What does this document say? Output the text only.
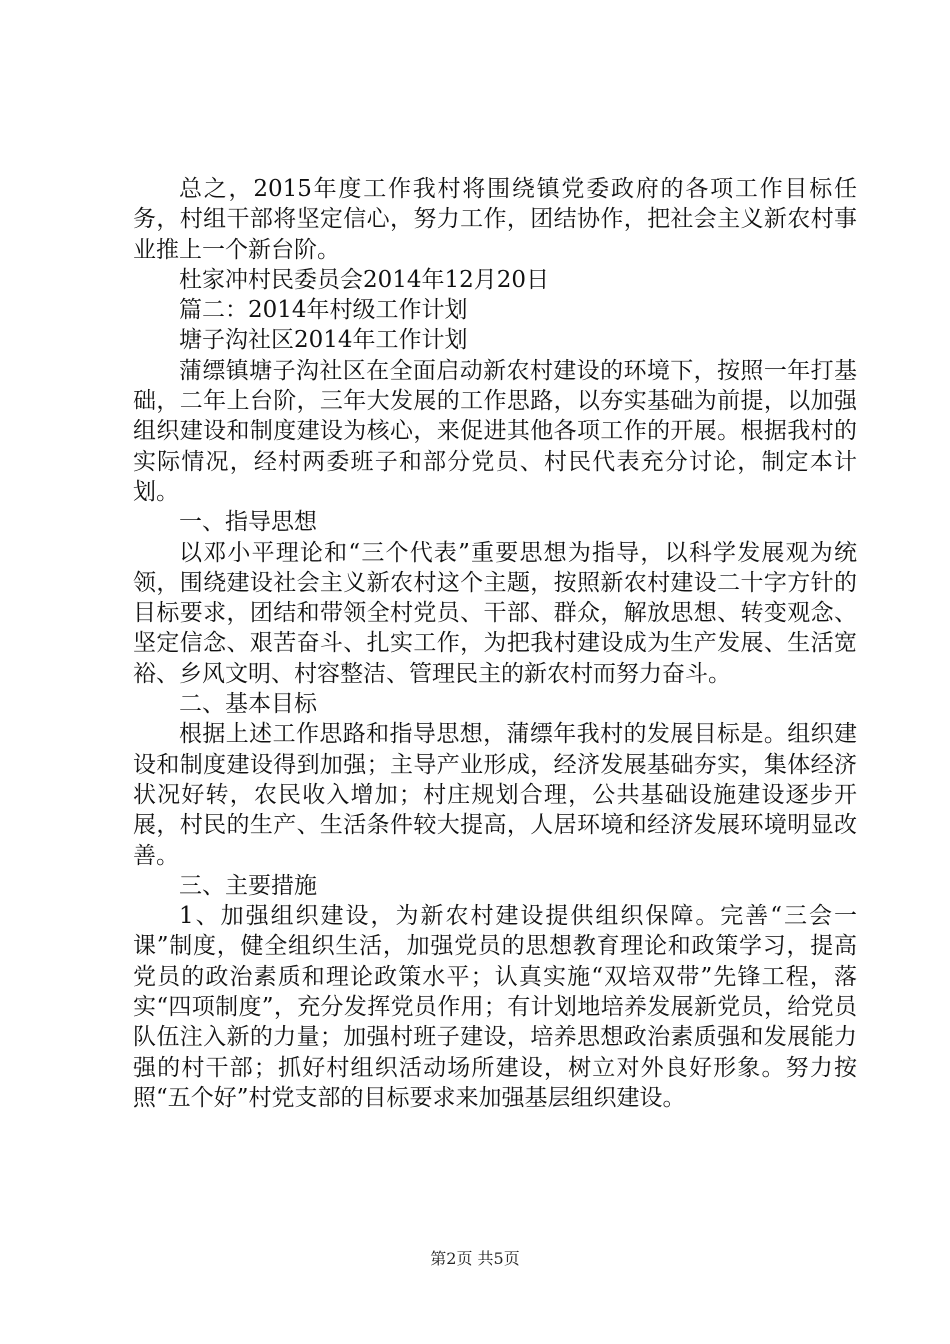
总之，2015年度工作我村将围绕镇党委政府的各项工作目标任务，村组干部将坚定信心，努力工作，团结协作，把社会主义新农村事业推上一个新台阶。

杜家冲村民委员会2014年12月20日

篇二：2014年村级工作计划

塘子沟社区2014年工作计划

蒲缥镇塘子沟社区在全面启动新农村建设的环境下，按照一年打基础，二年上台阶，三年大发展的工作思路，以夯实基础为前提，以加强组织建设和制度建设为核心，来促进其他各项工作的开展。根据我村的实际情况，经村两委班子和部分党员、村民代表充分讨论，制定本计划。

一、指导思想

以邓小平理论和“三个代表”重要思想为指导，以科学发展观为统领，围绕建设社会主义新农村这个主题，按照新农村建设二十字方针的目标要求，团结和带领全村党员、干部、群众，解放思想、转变观念、坚定信念、艰苦奋斗、扎实工作，为把我村建设成为生产发展、生活宽裕、乡风文明、村容整洁、管理民主的新农村而努力奋斗。

二、基本目标

根据上述工作思路和指导思想，蒲缥年我村的发展目标是。组织建设和制度建设得到加强；主导产业形成，经济发展基础夯实，集体经济状况好转，农民收入增加；村庄规划合理，公共基础设施建设逐步开展，村民的生产、生活条件较大提高，人居环境和经济发展环境明显改善。

三、主要措施

1、加强组织建设，为新农村建设提供组织保障。完善“三会一课”制度，健全组织生活，加强党员的思想教育理论和政策学习，提高党员的政治素质和理论政策水平；认真实施“双培双带”先锋工程，落实“四项制度”，充分发挥党员作用；有计划地培养发展新党员，给党员队伍注入新的力量；加强村班子建设，培养思想政治素质强和发展能力强的村干部；抓好村组织活动场所建设，树立对外良好形象。努力按照“五个好”村党支部的目标要求来加强基层组织建设。

第2页 共5页
